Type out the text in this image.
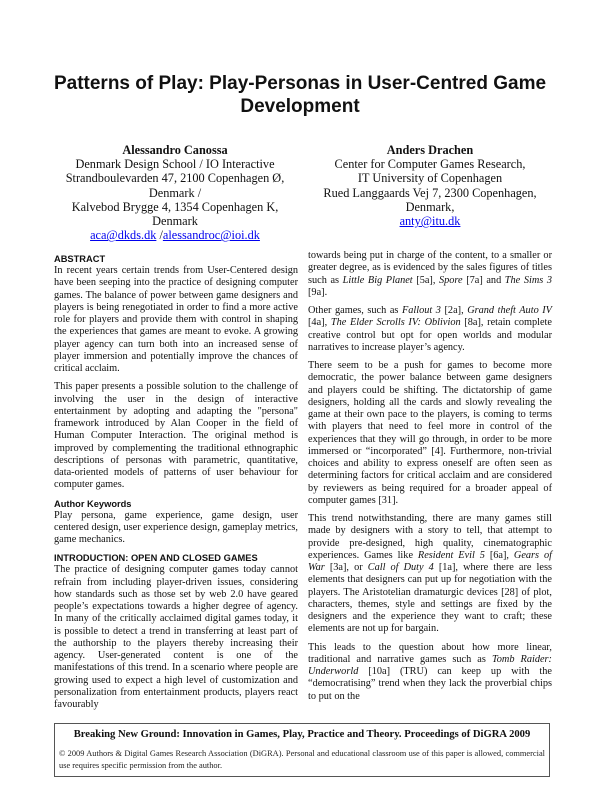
Patterns of Play: Play-Personas in User-Centred Game Development
Alessandro Canossa
Denmark Design School / IO Interactive
Strandboulevarden 47, 2100 Copenhagen Ø,
Denmark /
Kalvebod Brygge 4, 1354 Copenhagen K,
Denmark
aca@dkds.dk /alessandroc@ioi.dk
Anders Drachen
Center for Computer Games Research,
IT University of Copenhagen
Rued Langgaards Vej 7, 2300 Copenhagen,
Denmark,
anty@itu.dk
ABSTRACT

In recent years certain trends from User-Centered design have been seeping into the practice of designing computer games. The balance of power between game designers and players is being renegotiated in order to find a more active role for players and provide them with control in shaping the experiences that games are meant to evoke. A growing player agency can turn both into an increased sense of player immersion and potentially improve the chances of critical acclaim.

This paper presents a possible solution to the challenge of involving the user in the design of interactive entertainment by adopting and adapting the "persona" framework introduced by Alan Cooper in the field of Human Computer Interaction. The original method is improved by complementing the traditional ethnographic descriptions of personas with parametric, quantitative, data-oriented models of patterns of user behaviour for computer games.

Author Keywords

Play persona, game experience, game design, user centered design, user experience design, gameplay metrics, game mechanics.

INTRODUCTION: OPEN AND CLOSED GAMES

The practice of designing computer games today cannot refrain from including player-driven issues, considering how standards such as those set by web 2.0 have geared people’s expectations towards a higher degree of agency. In many of the critically acclaimed digital games today, it is possible to detect a trend in transferring at least part of the authorship to the players thereby increasing their agency. User-generated content is one of the manifestations of this trend. In a scenario where people are growing used to expect a high level of customization and personalization from entertainment products, players react favourably

towards being put in charge of the content, to a smaller or greater degree, as is evidenced by the sales figures of titles such as Little Big Planet [5a], Spore [7a] and The Sims 3 [9a].

Other games, such as Fallout 3 [2a], Grand theft Auto IV [4a], The Elder Scrolls IV: Oblivion [8a], retain complete creative control but opt for open worlds and modular narratives to increase player’s agency.

There seem to be a push for games to become more democratic, the power balance between game designers and players could be shifting. The dictatorship of game designers, holding all the cards and slowly revealing the game at their own pace to the players, is coming to terms with players that need to feel more in control of the experiences that they will go through, in order to be more immersed or “incorporated” [4]. Furthermore, non-trivial choices and ability to express oneself are often seen as determining factors for critical acclaim and are considered by reviewers as being required for a broader appeal of computer games [31].

This trend notwithstanding, there are many games still made by designers with a story to tell, that attempt to provide pre-designed, high quality, cinematographic experiences. Games like Resident Evil 5 [6a], Gears of War [3a], or Call of Duty 4 [1a], where there are less elements that designers can put up for negotiation with the players. The Aristotelian dramaturgic devices [28] of plot, characters, themes, style and settings are fixed by the designers and the experience they want to craft; these elements are not up for bargain.

This leads to the question about how more linear, traditional and narrative games such as Tomb Raider: Underworld [10a] (TRU) can keep up with the “democratising” trend when they lack the proverbial chips to put on the

Breaking New Ground: Innovation in Games, Play, Practice and Theory. Proceedings of DiGRA 2009
© 2009 Authors & Digital Games Research Association (DiGRA). Personal and educational classroom use of this paper is allowed, commercial use requires specific permission from the author.
